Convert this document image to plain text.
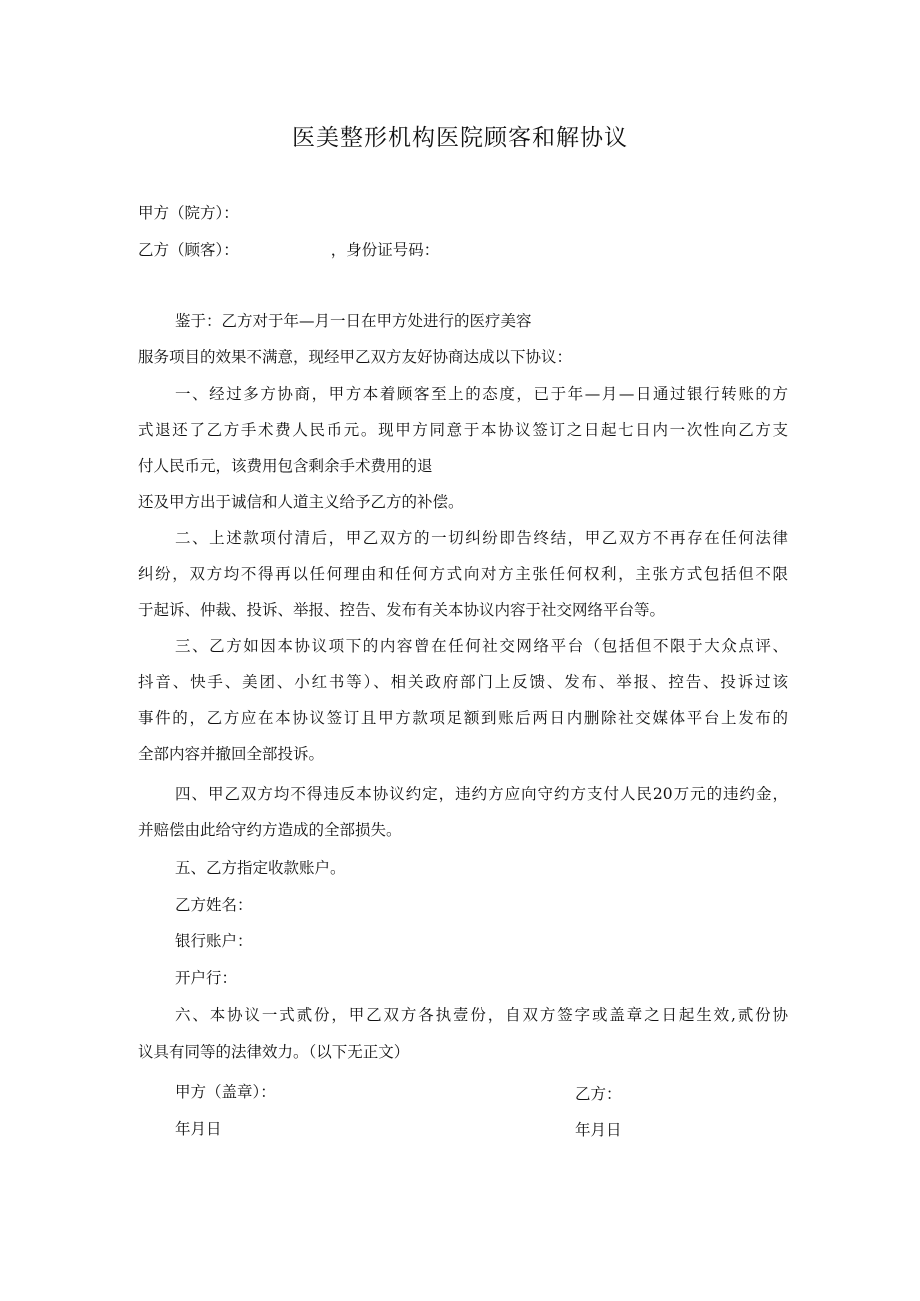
医美整形机构医院顾客和解协议
甲方（院方）：
乙方（顾客）：	，身份证号码：
鉴于：乙方对于年—月一日在甲方处进行的医疗美容
服务项目的效果不满意，现经甲乙双方友好协商达成以下协议：
一、经过多方协商，甲方本着顾客至上的态度，已于年—月—日通过银行转账的方
式退还了乙方手术费人民币元。现甲方同意于本协议签订之日起七日内一次性向乙方支
付人民币元，该费用包含剩余手术费用的退
还及甲方出于诚信和人道主义给予乙方的补偿。
二、上述款项付清后，甲乙双方的一切纠纷即告终结，甲乙双方不再存在任何法律
纠纷，双方均不得再以任何理由和任何方式向对方主张任何权利，主张方式包括但不限
于起诉、仲裁、投诉、举报、控告、发布有关本协议内容于社交网络平台等。
三、乙方如因本协议项下的内容曾在任何社交网络平台（包括但不限于大众点评、
抖音、快手、美团、小红书等）、相关政府部门上反馈、发布、举报、控告、投诉过该
事件的，乙方应在本协议签订且甲方款项足额到账后两日内删除社交媒体平台上发布的
全部内容并撤回全部投诉。
四、甲乙双方均不得违反本协议约定，违约方应向守约方支付人民20万元的违约金，
并赔偿由此给守约方造成的全部损失。
五、乙方指定收款账户。
乙方姓名：
银行账户：
开户行：
六、本协议一式贰份，甲乙双方各执壹份，自双方签字或盖章之日起生效,贰份协
议具有同等的法律效力。（以下无正文）
甲方（盖章）：	乙方：
年月日	年月日
